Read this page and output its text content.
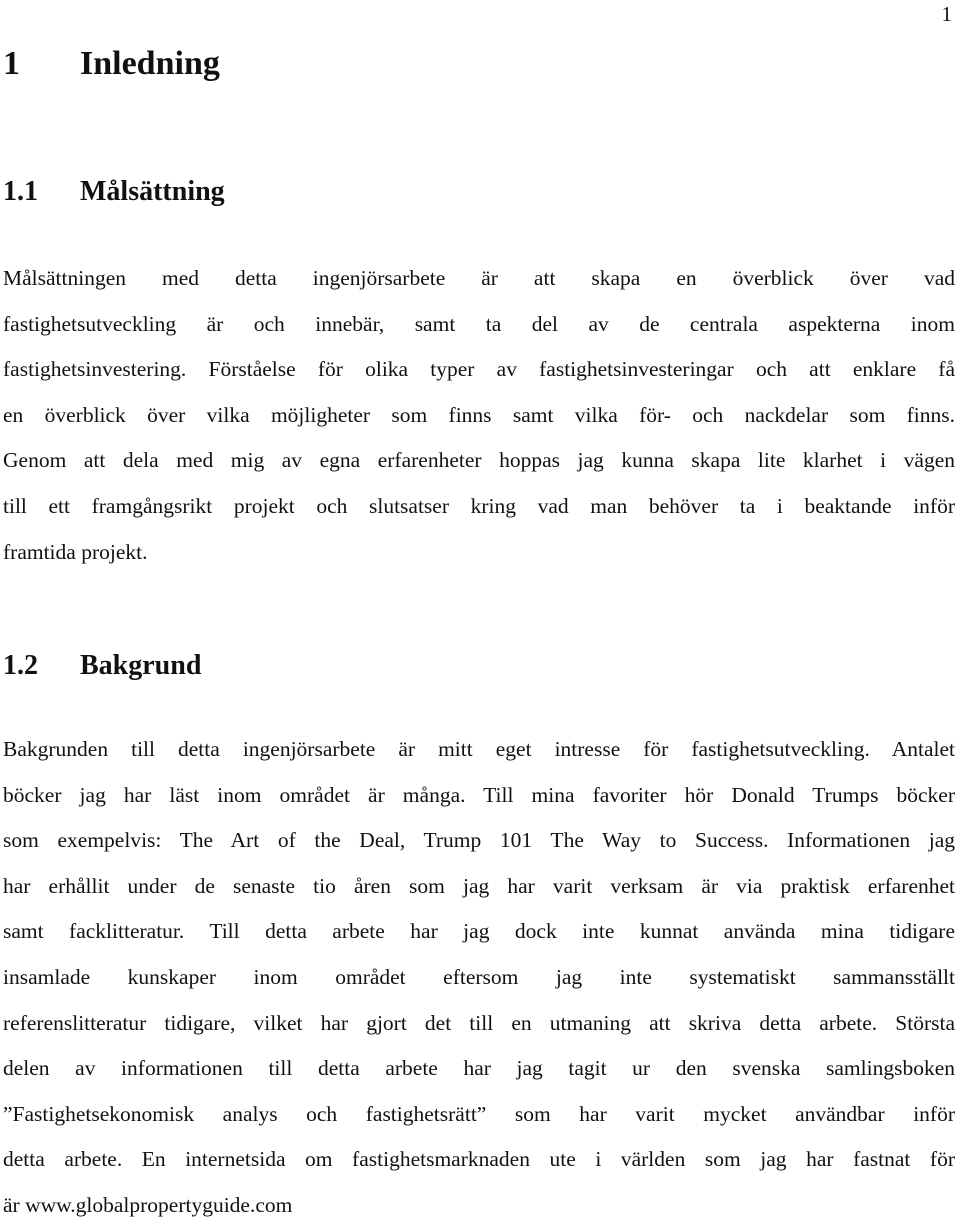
1
1 Inledning
1.1 Målsättning
Målsättningen med detta ingenjörsarbete är att skapa en överblick över vad
fastighetsutveckling är och innebär, samt ta del av de centrala aspekterna inom
fastighetsinvestering. Förståelse för olika typer av fastighetsinvesteringar och att enklare få
en överblick över vilka möjligheter som finns samt vilka för- och nackdelar som finns.
Genom att dela med mig av egna erfarenheter hoppas jag kunna skapa lite klarhet i vägen
till ett framgångsrikt projekt och slutsatser kring vad man behöver ta i beaktande inför
framtida projekt.
1.2 Bakgrund
Bakgrunden till detta ingenjörsarbete är mitt eget intresse för fastighetsutveckling. Antalet
böcker jag har läst inom området är många. Till mina favoriter hör Donald Trumps böcker
som exempelvis: The Art of the Deal, Trump 101 The Way to Success. Informationen jag
har erhållit under de senaste tio åren som jag har varit verksam är via praktisk erfarenhet
samt facklitteratur. Till detta arbete har jag dock inte kunnat använda mina tidigare
insamlade kunskaper inom området eftersom jag inte systematiskt sammansställt
referenslitteratur tidigare, vilket har gjort det till en utmaning att skriva detta arbete. Största
delen av informationen till detta arbete har jag tagit ur den svenska samlingsboken
”Fastighetsekonomisk analys och fastighetsrätt” som har varit mycket användbar inför
detta arbete. En internetsida om fastighetsmarknaden ute i världen som jag har fastnat för
är www.globalpropertyguide.com
